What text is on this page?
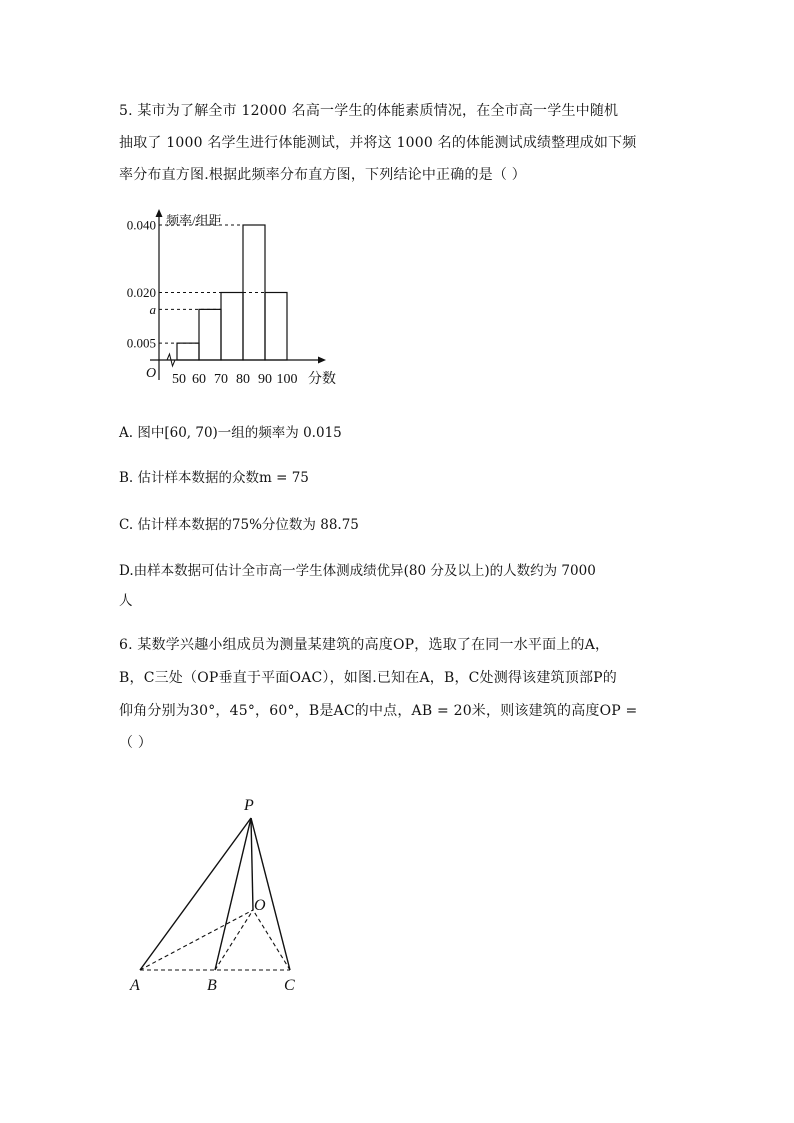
5. 某市为了解全市 12000 名高一学生的体能素质情况，在全市高一学生中随机
抽取了 1000 名学生进行体能测试，并将这 1000 名的体能测试成绩整理成如下频
率分布直方图.根据此频率分布直方图，下列结论中正确的是（ ）
频率/组距
分数
O
0.005
a
0.020
0.040
50 60 70 80 90 100
A. 图中[60, 70)一组的频率为 0.015
B. 估计样本数据的众数m = 75
C. 估计样本数据的75%分位数为 88.75
D.由样本数据可估计全市高一学生体测成绩优异(80 分及以上)的人数约为 7000
人
6. 某数学兴趣小组成员为测量某建筑的高度OP，选取了在同一水平面上的A，
B，C三处（OP垂直于平面OAC），如图.已知在A，B，C处测得该建筑顶部P的
仰角分别为30°，45°，60°，B是AC的中点，AB = 20米，则该建筑的高度OP =
（ ）
P
O
A	B	C
